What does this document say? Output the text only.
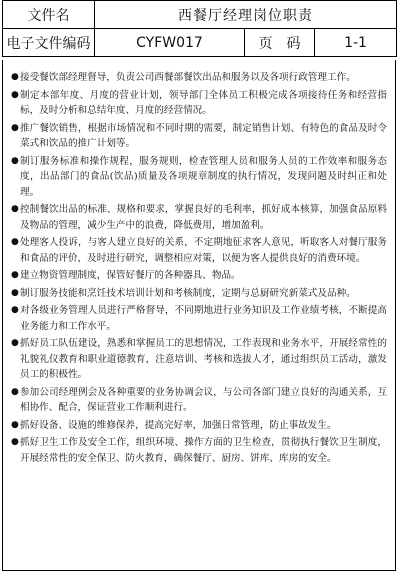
文件名	西餐厅经理岗位职责		
电子文件编码	CYFW017	页　码	1-1
● 接受餐饮部经理督导，负责公司西餐部餐饮出品和服务以及各项行政管理工作。
● 制定本部年度、月度的营业计划，领导部门全体员工积极完成各项接待任务和经营指标，及时分析和总结年度、月度的经营情况。
● 推广餐饮销售，根据市场情况和不同时期的需要，制定销售计划、有特色的食品及时令菜式和饮品的推广计划等。
● 制订服务标准和操作规程，服务规则，检查管理人员和服务人员的工作效率和服务态度，出品部门的食品(饮品)质量及各项规章制度的执行情况，发现问题及时纠正和处理。
● 控制餐饮出品的标准、规格和要求，掌握良好的毛利率，抓好成本核算，加强食品原料及物品的管理，减少生产中的浪费，降低费用，增加盈利。
● 处理客人投诉，与客人建立良好的关系，不定期地征求客人意见，听取客人对餐厅服务和食品的评价，及时进行研究，调整相应对策，以便为客人提供良好的消费环境。
● 建立物资管理制度，保管好餐厅的各种器具、物品。
● 制订服务技能和烹饪技术培训计划和考核制度，定期与总厨研究新菜式及品种。
● 对各级业务管理人员进行严格督导，不同期地进行业务知识及工作业绩考核，不断提高业务能力和工作水平。
● 抓好员工队伍建设，熟悉和掌握员工的思想情况，工作表现和业务水平，开展经常性的礼貌礼仪教育和职业道德教育，注意培训、考核和选拔人才，通过组织员工活动，激发员工的积极性。
● 参加公司经理例会及各种重要的业务协调会议，与公司各部门建立良好的沟通关系，互相协作、配合，保证营业工作顺利进行。
● 抓好设备、设施的维修保养，提高完好率，加强日常管理，防止事故发生。
● 抓好卫生工作及安全工作，组织环境、操作方面的卫生检查，贯彻执行餐饮卫生制度，开展经常性的安全保卫、防火教育，确保餐厅、厨房、饼库、库房的安全。
